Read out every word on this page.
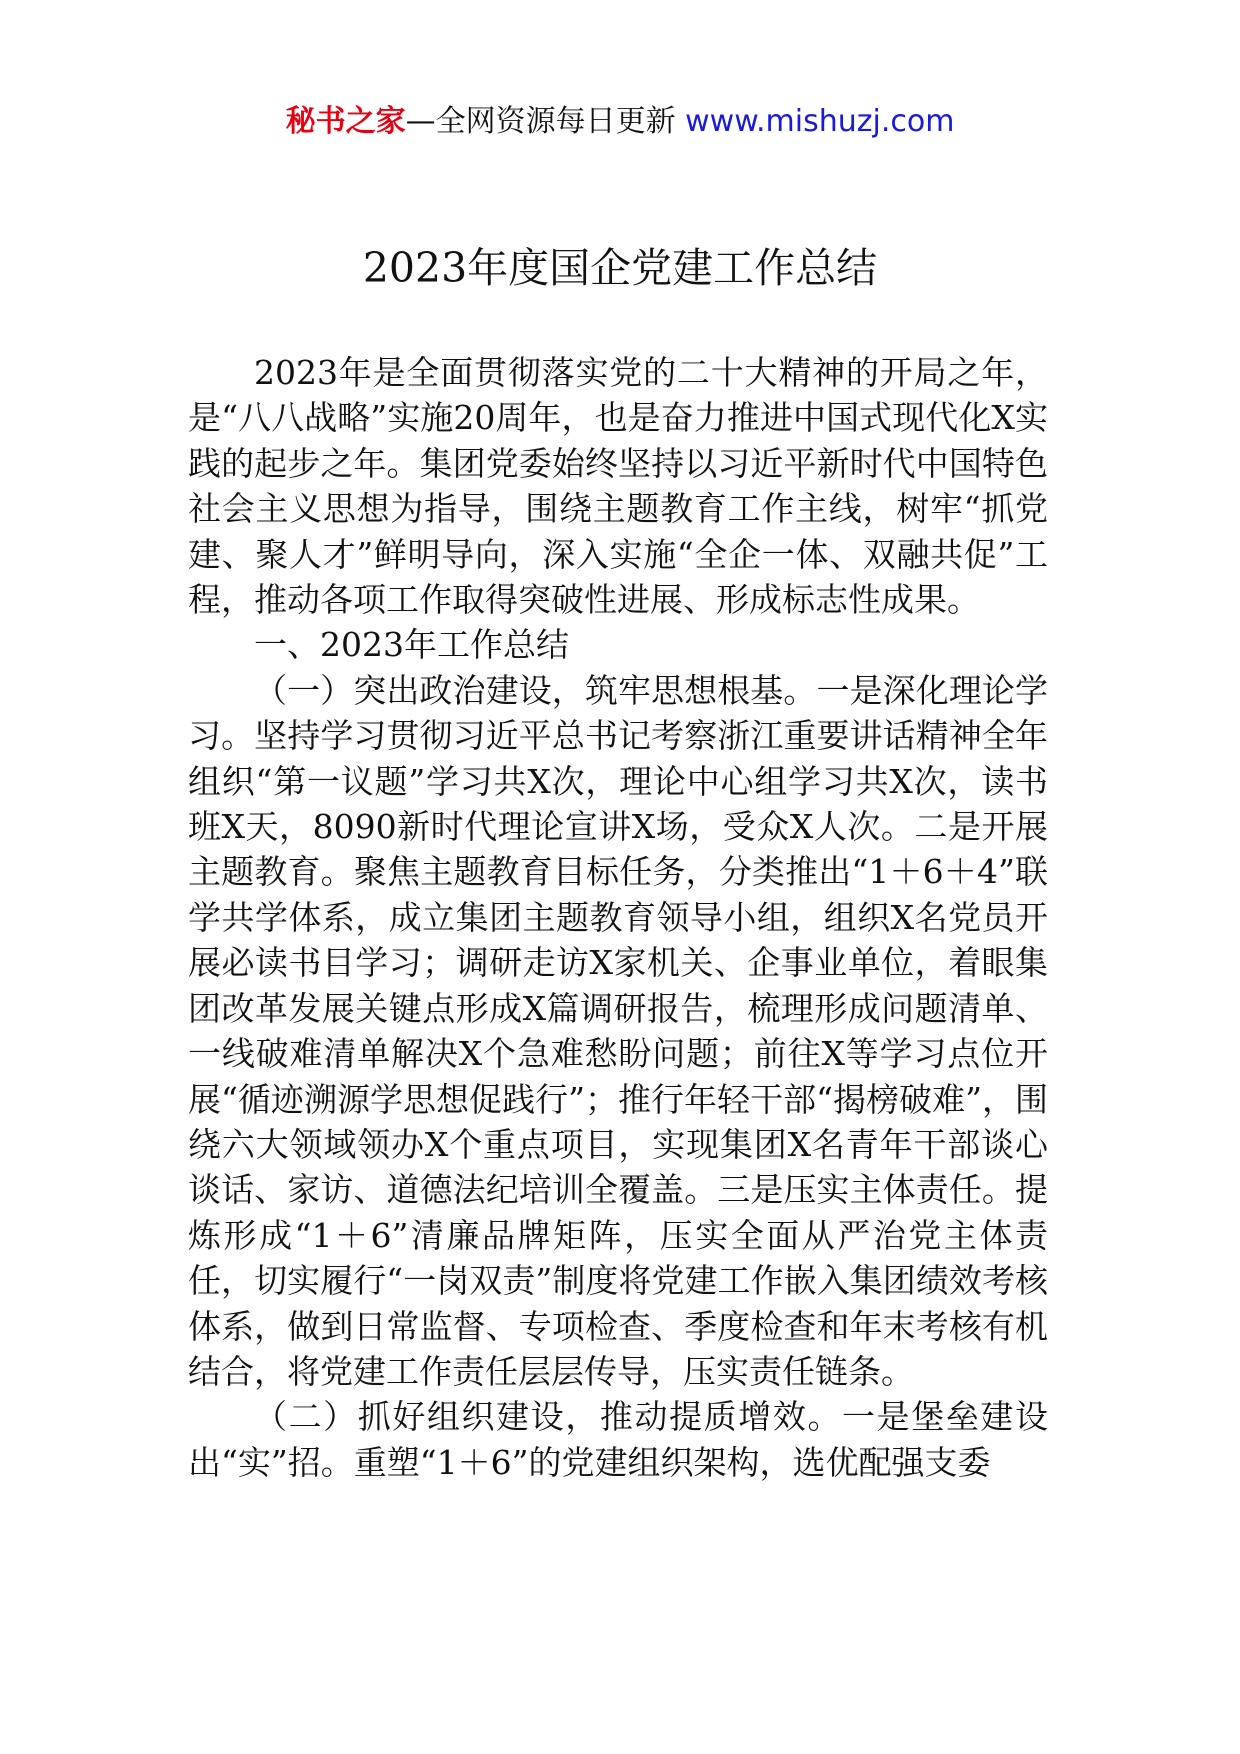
秘书之家—全网资源每日更新 www.mishuzj.com
2023年度国企党建工作总结

2023年是全面贯彻落实党的二十大精神的开局之年，是“八八战略”实施20周年，也是奋力推进中国式现代化X实践的起步之年。集团党委始终坚持以习近平新时代中国特色社会主义思想为指导，围绕主题教育工作主线，树牢“抓党建、聚人才”鲜明导向，深入实施“全企一体、双融共促”工程，推动各项工作取得突破性进展、形成标志性成果。

一、2023年工作总结

（一）突出政治建设，筑牢思想根基。一是深化理论学习。坚持学习贯彻习近平总书记考察浙江重要讲话精神全年组织“第一议题”学习共X次，理论中心组学习共X次，读书班X天，8090新时代理论宣讲X场，受众X人次。二是开展主题教育。聚焦主题教育目标任务，分类推出“1＋6＋4”联学共学体系，成立集团主题教育领导小组，组织X名党员开展必读书目学习；调研走访X家机关、企事业单位，着眼集团改革发展关键点形成X篇调研报告，梳理形成问题清单、一线破难清单解决X个急难愁盼问题；前往X等学习点位开展“循迹溯源学思想促践行”；推行年轻干部“揭榜破难”，围绕六大领域领办X个重点项目，实现集团X名青年干部谈心谈话、家访、道德法纪培训全覆盖。三是压实主体责任。提炼形成“1＋6”清廉品牌矩阵，压实全面从严治党主体责任，切实履行“一岗双责”制度将党建工作嵌入集团绩效考核体系，做到日常监督、专项检查、季度检查和年末考核有机结合，将党建工作责任层层传导，压实责任链条。

（二）抓好组织建设，推动提质增效。一是堡垒建设出“实”招。重塑“1＋6”的党建组织架构，选优配强支委
